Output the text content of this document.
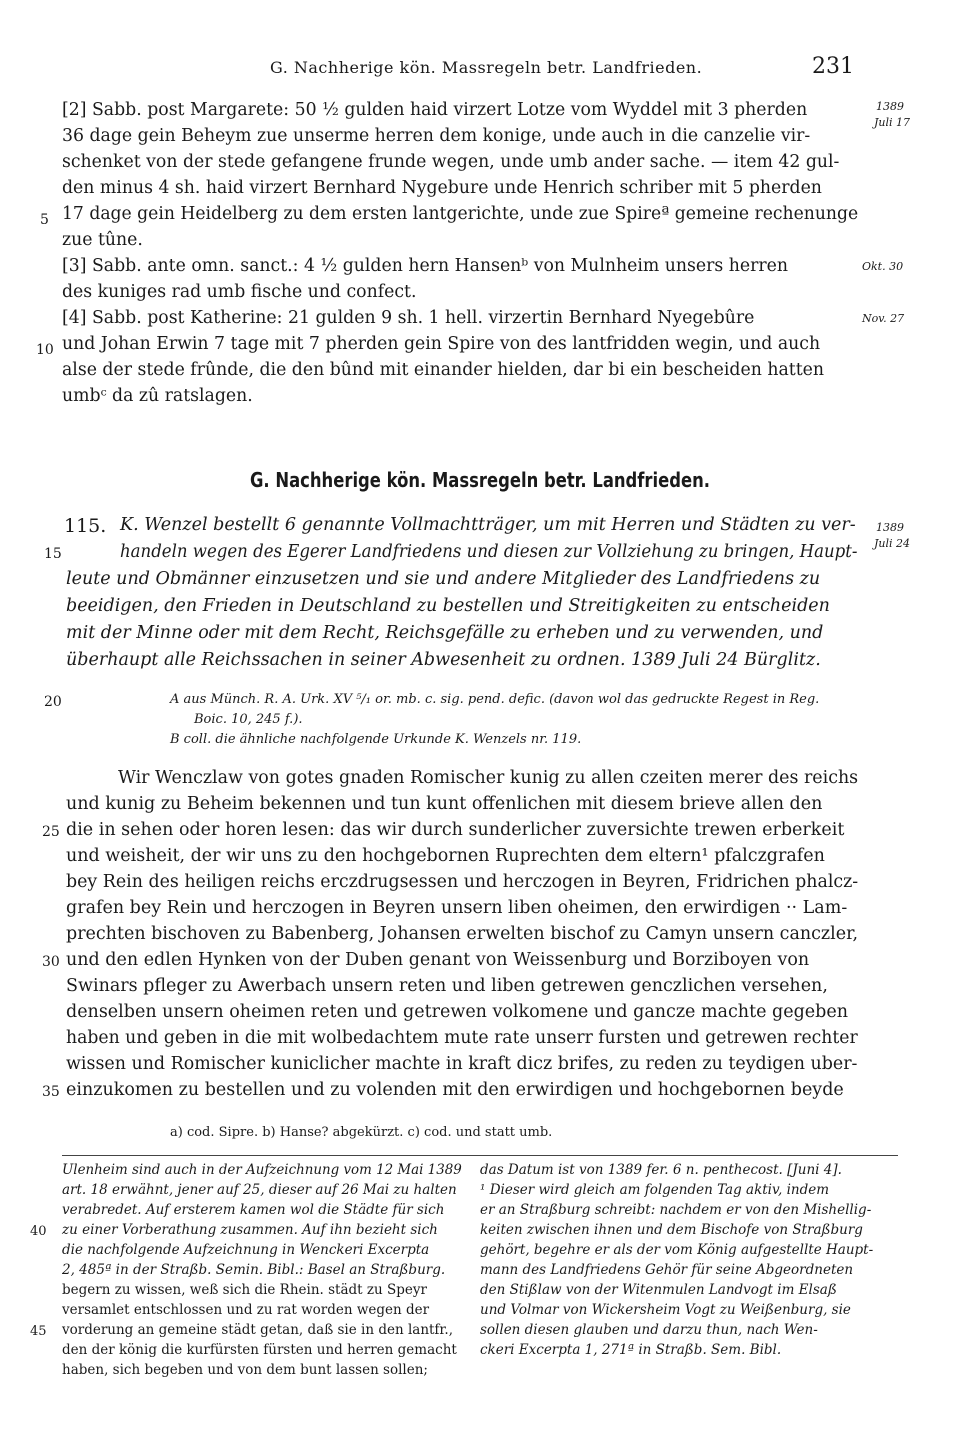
G. Nachherige kön. Massregeln betr. Landfrieden.	231
[2] Sabb. post Margarete: 50 ½ gulden haid virzert Lotze vom Wyddel mit 3 pherden
36 dage gein Beheym zue unserme herren dem konige, unde auch in die canzelie vir-
schenket von der stede gefangene frunde wegen, unde umb ander sache. — item 42 gul-
den minus 4 sh. haid virzert Bernhard Nygebure unde Henrich schriber mit 5 pherden
17 dage gein Heidelberg zu dem ersten lantgerichte, unde zue Spireª gemeine rechenunge
zue tûne.
[3] Sabb. ante omn. sanct.: 4 ½ gulden hern Hansenᵇ von Mulnheim unsers herren
des kuniges rad umb fische und confect.
[4] Sabb. post Katherine: 21 gulden 9 sh. 1 hell. virzertin Bernhard Nyegebûre
und Johan Erwin 7 tage mit 7 pherden gein Spire von des lantfridden wegin, und auch
alse der stede frûnde, die den bûnd mit einander hielden, dar bi ein bescheiden hatten
umbᶜ da zû ratslagen.
5
10
1389
Juli 17
Okt. 30
Nov. 27
G. Nachherige kön. Massregeln betr. Landfrieden.
115. K. Wenzel bestellt 6 genannte Vollmachtträger, um mit Herren und Städten zu ver-
handeln wegen des Egerer Landfriedens und diesen zur Vollziehung zu bringen, Haupt-
leute und Obmänner einzusetzen und sie und andere Mitglieder des Landfriedens zu
beeidigen, den Frieden in Deutschland zu bestellen und Streitigkeiten zu entscheiden
mit der Minne oder mit dem Recht, Reichsgefälle zu erheben und zu verwenden, und
überhaupt alle Reichssachen in seiner Abwesenheit zu ordnen. 1389 Juli 24 Bürglitz.
1389
Juli 24
15
20	A aus Münch. R. A. Urk. XV ⁵/₁ or. mb. c. sig. pend. defic. (davon wol das gedruckte Regest in Reg.
Boic. 10, 245 f.).
B coll. die ähnliche nachfolgende Urkunde K. Wenzels nr. 119.
Wir Wenczlaw von gotes gnaden Romischer kunig zu allen czeiten merer des reichs
und kunig zu Beheim bekennen und tun kunt offenlichen mit diesem brieve allen den
die in sehen oder horen lesen: das wir durch sunderlicher zuversichte trewen erberkeit
und weisheit, der wir uns zu den hochgebornen Ruprechten dem eltern¹ pfalczgrafen
bey Rein des heiligen reichs erczdrugsessen und herczogen in Beyren, Fridrichen phalcz-
grafen bey Rein und herczogen in Beyren unsern liben oheimen, den erwirdigen ·· Lam-
prechten bischoven zu Babenberg, Johansen erwelten bischof zu Camyn unsern canczler,
und den edlen Hynken von der Duben genant von Weissenburg und Borziboyen von
Swinars pfleger zu Awerbach unsern reten und liben getrewen genczlichen versehen,
denselben unsern oheimen reten und getrewen volkomene und gancze machte gegeben
haben und geben in die mit wolbedachtem mute rate unserr fursten und getrewen rechter
wissen und Romischer kuniclicher machte in kraft dicz brifes, zu reden zu teydigen uber-
einzukomen zu bestellen und zu volenden mit den erwirdigen und hochgebornen beyde
25
30
35
a) cod. Sipre. b) Hanse? abgekürzt. c) cod. und statt umb.
Ulenheim sind auch in der Aufzeichnung vom 12 Mai 1389
art. 18 erwähnt, jener auf 25, dieser auf 26 Mai zu halten
verabredet. Auf ersterem kamen wol die Städte für sich
zu einer Vorberathung zusammen. Auf ihn bezieht sich
die nachfolgende Aufzeichnung in Wenckeri Excerpta
2, 485ª in der Straßb. Semin. Bibl.: Basel an Straßburg.
begern zu wissen, weß sich die Rhein. städt zu Speyr
versamlet entschlossen und zu rat worden wegen der
vorderung an gemeine städt getan, daß sie in den lantfr.,
den der könig die kurfürsten fürsten und herren gemacht
haben, sich begeben und von dem bunt lassen sollen;
40
45
das Datum ist von 1389 fer. 6 n. penthecost. [Juni 4].
¹ Dieser wird gleich am folgenden Tag aktiv, indem
er an Straßburg schreibt: nachdem er von den Mishellig-
keiten zwischen ihnen und dem Bischofe von Straßburg
gehört, begehre er als der vom König aufgestellte Haupt-
mann des Landfriedens Gehör für seine Abgeordneten
den Stißlaw von der Witenmulen Landvogt im Elsaß
und Volmar von Wickersheim Vogt zu Weißenburg, sie
sollen diesen glauben und darzu thun, nach Wen-
ckeri Excerpta 1, 271ª in Straßb. Sem. Bibl.
